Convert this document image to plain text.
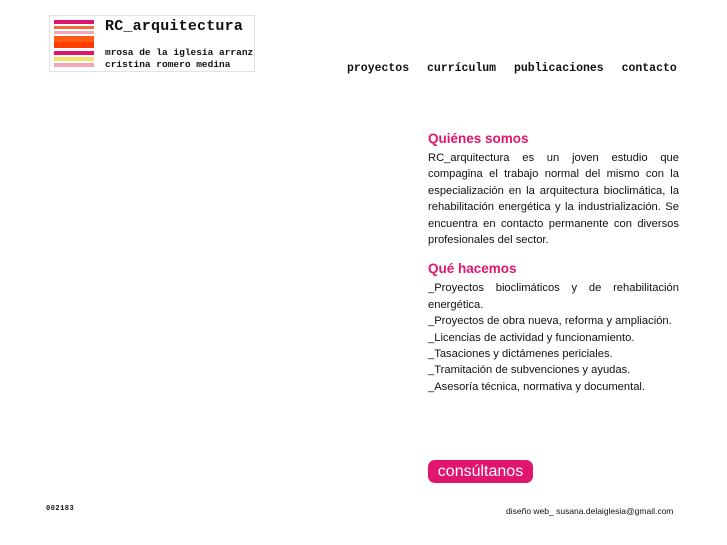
RC_arquitectura
mrosa de la iglesia arranz
cristina romero medina	proyectos currículum publicaciones contacto
Quiénes somos

RC_arquitectura es un joven estudio que compagina el trabajo normal del mismo con la especialización en la arquitectura bioclimática, la rehabilitación energética y la industrialización. Se encuentra en contacto permanente con diversos profesionales del sector.

Qué hacemos
_Proyectos bioclimáticos y de rehabilitación energética.
_Proyectos de obra nueva, reforma y ampliación.
_Licencias de actividad y funcionamiento.
_Tasaciones y dictámenes periciales.
_Tramitación de subvenciones y ayudas.
_Asesoría técnica, normativa y documental.
consúltanos
002183	diseño web_ susana.delaiglesia@gmail.com
